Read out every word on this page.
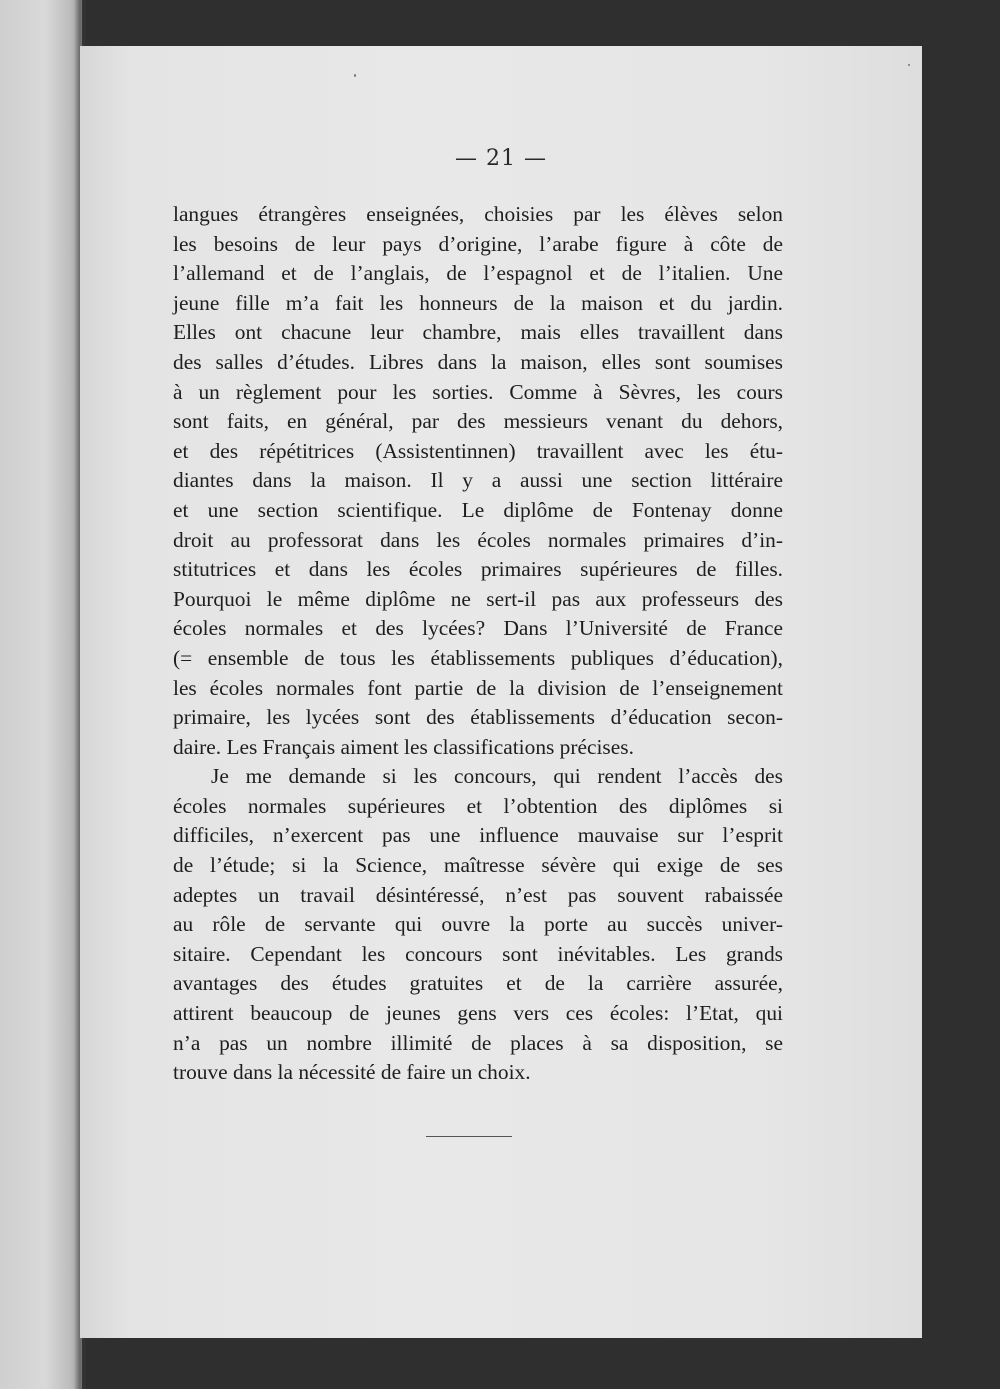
— 21 —
langues étrangères enseignées, choisies par les élèves selon
les besoins de leur pays d’origine, l’arabe figure à côte de
l’allemand et de l’anglais, de l’espagnol et de l’italien. Une
jeune fille m’a fait les honneurs de la maison et du jardin.
Elles ont chacune leur chambre, mais elles travaillent dans
des salles d’études. Libres dans la maison, elles sont soumises
à un règlement pour les sorties. Comme à Sèvres, les cours
sont faits, en général, par des messieurs venant du dehors,
et des répétitrices (Assistentinnen) travaillent avec les étu-
diantes dans la maison. Il y a aussi une section littéraire
et une section scientifique. Le diplôme de Fontenay donne
droit au professorat dans les écoles normales primaires d’in-
stitutrices et dans les écoles primaires supérieures de filles.
Pourquoi le même diplôme ne sert-il pas aux professeurs des
écoles normales et des lycées? Dans l’Université de France
(= ensemble de tous les établissements publiques d’éducation),
les écoles normales font partie de la division de l’enseignement
primaire, les lycées sont des établissements d’éducation secon-
daire. Les Français aiment les classifications précises.
Je me demande si les concours, qui rendent l’accès des
écoles normales supérieures et l’obtention des diplômes si
difficiles, n’exercent pas une influence mauvaise sur l’esprit
de l’étude; si la Science, maîtresse sévère qui exige de ses
adeptes un travail désintéressé, n’est pas souvent rabaissée
au rôle de servante qui ouvre la porte au succès univer-
sitaire. Cependant les concours sont inévitables. Les grands
avantages des études gratuites et de la carrière assurée,
attirent beaucoup de jeunes gens vers ces écoles: l’Etat, qui
n’a pas un nombre illimité de places à sa disposition, se
trouve dans la nécessité de faire un choix.
